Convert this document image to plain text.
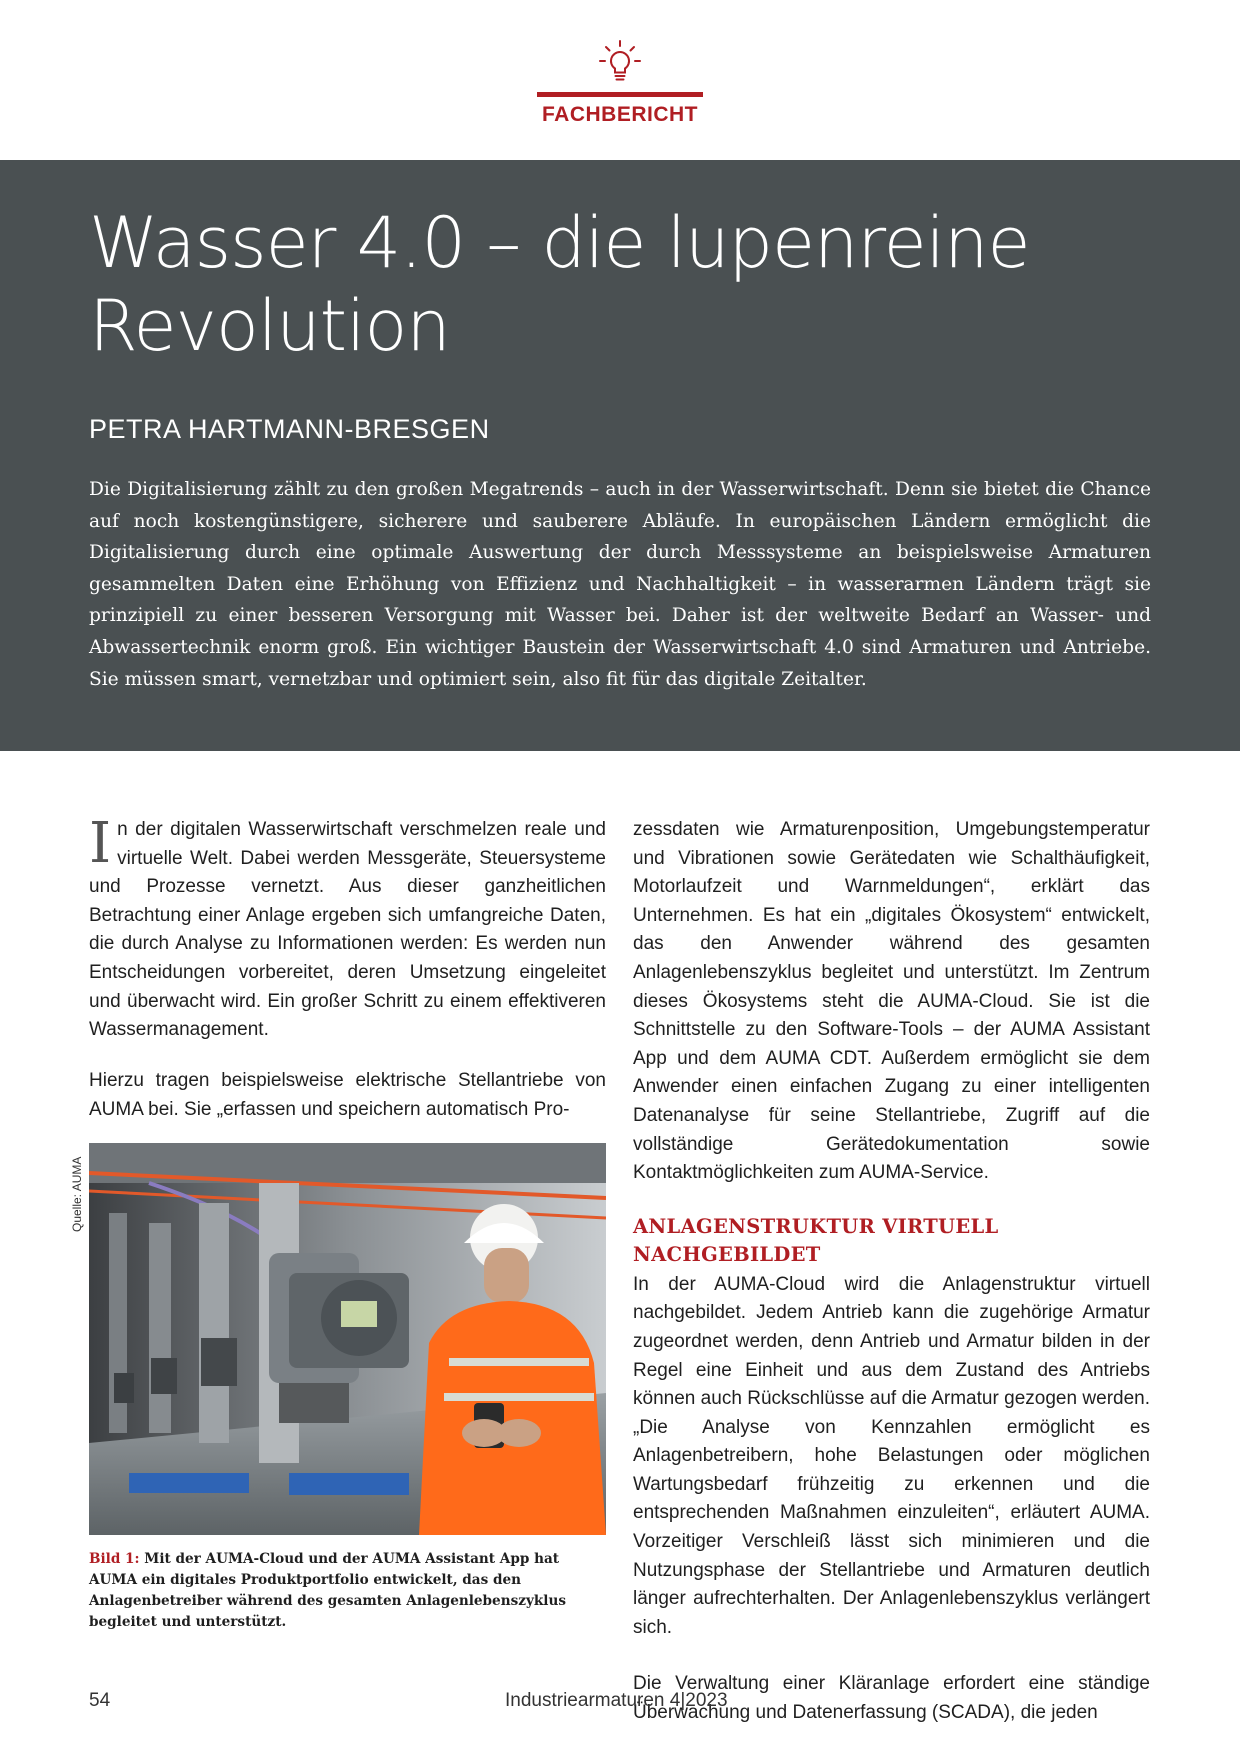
FACHBERICHT
Wasser 4.0 – die lupenreine Revolution
PETRA HARTMANN-BRESGEN

Die Digitalisierung zählt zu den großen Megatrends – auch in der Wasserwirtschaft. Denn sie bietet die Chance auf noch kostengünstigere, sicherere und sauberere Abläufe. In europäischen Ländern ermöglicht die Digitalisierung durch eine optimale Auswertung der durch Messsysteme an beispielsweise Armaturen gesammelten Daten eine Erhöhung von Effizienz und Nachhaltigkeit – in wasserarmen Ländern trägt sie prinzipiell zu einer besseren Versorgung mit Wasser bei. Daher ist der weltweite Bedarf an Wasser- und Abwassertechnik enorm groß. Ein wichtiger Baustein der Wasserwirtschaft 4.0 sind Armaturen und Antriebe. Sie müssen smart, vernetzbar und optimiert sein, also fit für das digitale Zeitalter.

In der digitalen Wasserwirtschaft verschmelzen reale und virtuelle Welt. Dabei werden Messgeräte, Steuersysteme und Prozesse vernetzt. Aus dieser ganzheitlichen Betrachtung einer Anlage ergeben sich umfangreiche Daten, die durch Analyse zu Informationen werden: Es werden nun Entscheidungen vorbereitet, deren Umsetzung eingeleitet und überwacht wird. Ein großer Schritt zu einem effektiveren Wassermanagement.

Hierzu tragen beispielsweise elektrische Stellantriebe von AUMA bei. Sie „erfassen und speichern automatisch Pro-

Quelle: AUMA

Bild 1: Mit der AUMA-Cloud und der AUMA Assistant App hat AUMA ein digitales Produktportfolio entwickelt, das den Anlagenbetreiber während des gesamten Anlagenlebenszyklus begleitet und unterstützt.

zessdaten wie Armaturenposition, Umgebungstemperatur und Vibrationen sowie Gerätedaten wie Schalthäufigkeit, Motorlaufzeit und Warnmeldungen“, erklärt das Unternehmen. Es hat ein „digitales Ökosystem“ entwickelt, das den Anwender während des gesamten Anlagenlebenszyklus begleitet und unterstützt. Im Zentrum dieses Ökosystems steht die AUMA-Cloud. Sie ist die Schnittstelle zu den Software-Tools – der AUMA Assistant App und dem AUMA CDT. Außerdem ermöglicht sie dem Anwender einen einfachen Zugang zu einer intelligenten Datenanalyse für seine Stellantriebe, Zugriff auf die vollständige Gerätedokumentation sowie Kontaktmöglichkeiten zum AUMA-Service.

ANLAGENSTRUKTUR VIRTUELL NACHGEBILDET

In der AUMA-Cloud wird die Anlagenstruktur virtuell nachgebildet. Jedem Antrieb kann die zugehörige Armatur zugeordnet werden, denn Antrieb und Armatur bilden in der Regel eine Einheit und aus dem Zustand des Antriebs können auch Rückschlüsse auf die Armatur gezogen werden. „Die Analyse von Kennzahlen ermöglicht es Anlagenbetreibern, hohe Belastungen oder möglichen Wartungsbedarf frühzeitig zu erkennen und die entsprechenden Maßnahmen einzuleiten“, erläutert AUMA. Vorzeitiger Verschleiß lässt sich minimieren und die Nutzungsphase der Stellantriebe und Armaturen deutlich länger aufrechterhalten. Der Anlagenlebenszyklus verlängert sich.

Die Verwaltung einer Kläranlage erfordert eine ständige Überwachung und Datenerfassung (SCADA), die jeden

54	Industriearmaturen 4|2023
